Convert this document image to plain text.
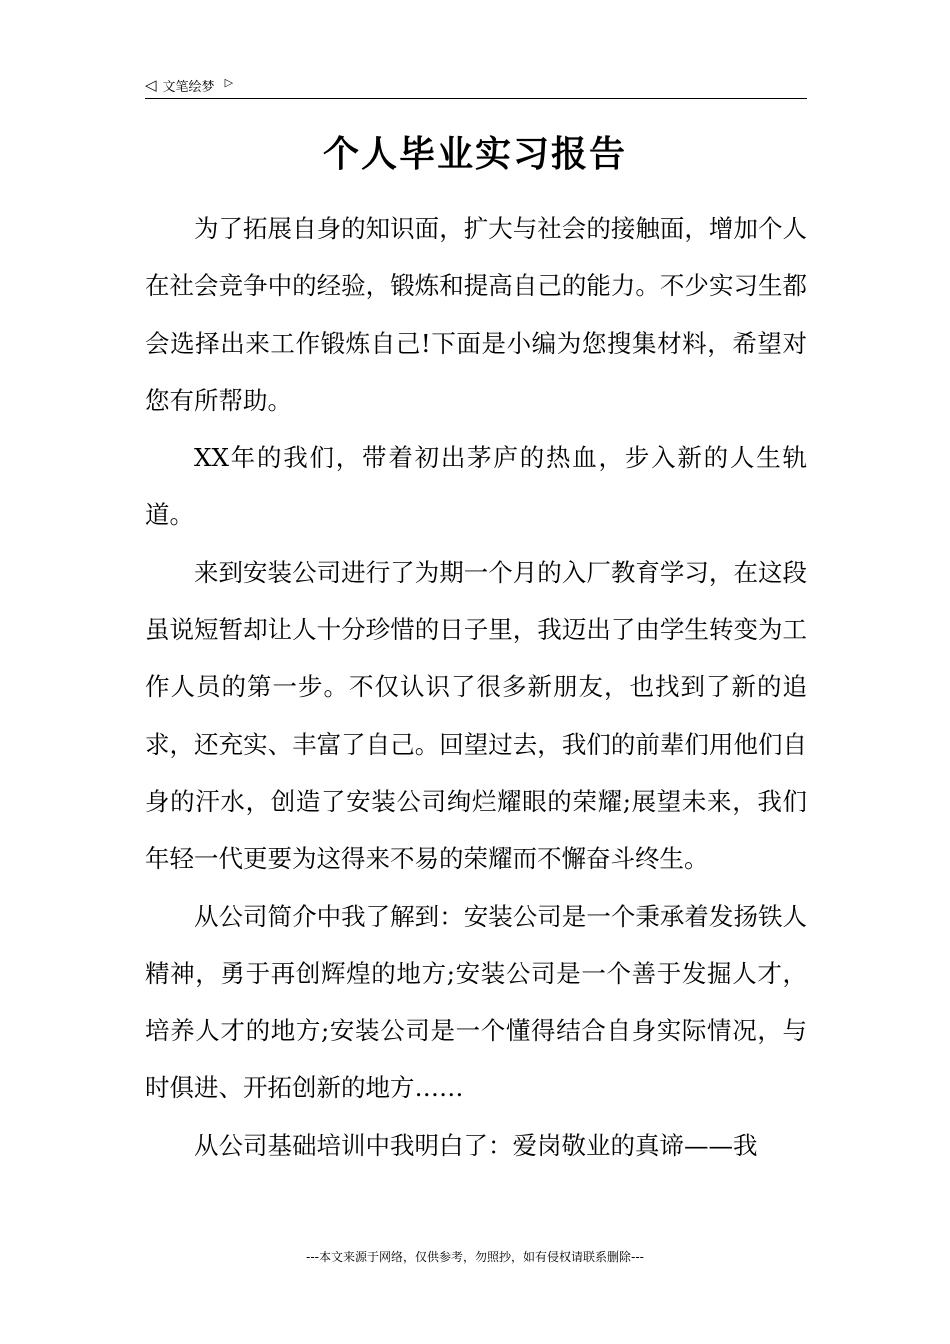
◁ 文笔绘梦 ▷
个人毕业实习报告

为了拓展自身的知识面，扩大与社会的接触面，增加个人在社会竞争中的经验，锻炼和提高自己的能力。不少实习生都会选择出来工作锻炼自己!下面是小编为您搜集材料，希望对您有所帮助。

XX年的我们，带着初出茅庐的热血，步入新的人生轨道。

来到安装公司进行了为期一个月的入厂教育学习，在这段虽说短暂却让人十分珍惜的日子里，我迈出了由学生转变为工作人员的第一步。不仅认识了很多新朋友，也找到了新的追求，还充实、丰富了自己。回望过去，我们的前辈们用他们自身的汗水，创造了安装公司绚烂耀眼的荣耀;展望未来，我们年轻一代更要为这得来不易的荣耀而不懈奋斗终生。

从公司简介中我了解到：安装公司是一个秉承着发扬铁人精神，勇于再创辉煌的地方;安装公司是一个善于发掘人才，培养人才的地方;安装公司是一个懂得结合自身实际情况，与时俱进、开拓创新的地方……

从公司基础培训中我明白了：爱岗敬业的真谛——我

---本文来源于网络，仅供参考，勿照抄，如有侵权请联系删除---
